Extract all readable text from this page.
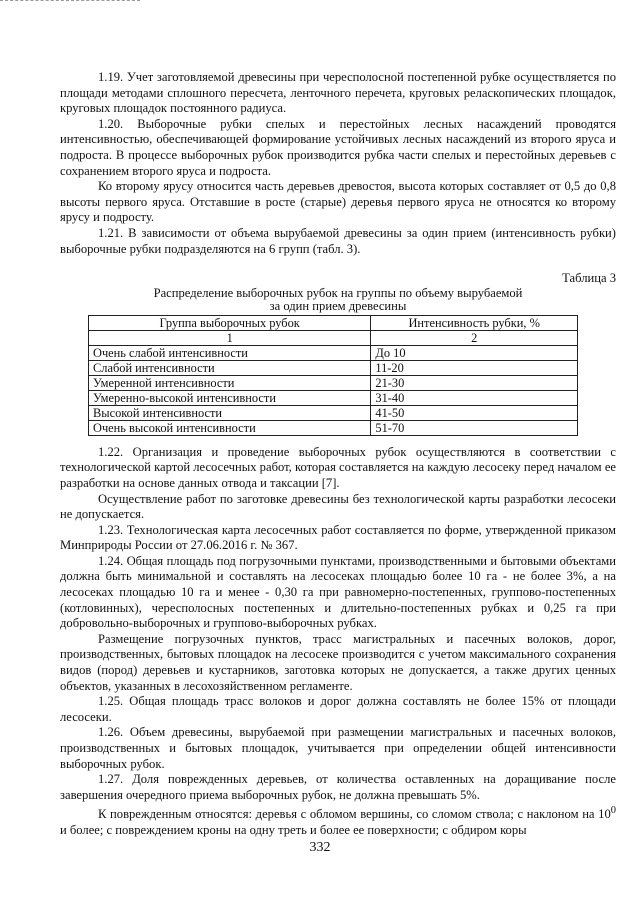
1.19. Учет заготовляемой древесины при чересполосной постепенной рубке осуществляется по площади методами сплошного пересчета, ленточного перечета, круговых реласкопических площадок, круговых площадок постоянного радиуса.

1.20. Выборочные рубки спелых и перестойных лесных насаждений проводятся интенсивностью, обеспечивающей формирование устойчивых лесных насаждений из второго яруса и подроста. В процессе выборочных рубок производится рубка части спелых и перестойных деревьев с сохранением второго яруса и подроста.

Ко второму ярусу относится часть деревьев древостоя, высота которых составляет от 0,5 до 0,8 высоты первого яруса. Отставшие в росте (старые) деревья первого яруса не относятся ко второму ярусу и подросту.

1.21. В зависимости от объема вырубаемой древесины за один прием (интенсивность рубки) выборочные рубки подразделяются на 6 групп (табл. 3).

Таблица 3

Распределение выборочных рубок на группы по объему вырубаемой за один прием древесины

Группа выборочных рубок	Интенсивность рубки, %
1	2
Очень слабой интенсивности	До 10
Слабой интенсивности	11-20
Умеренной интенсивности	21-30
Умеренно-высокой интенсивности	31-40
Высокой интенсивности	41-50
Очень высокой интенсивности	51-70

1.22. Организация и проведение выборочных рубок осуществляются в соответствии с технологической картой лесосечных работ, которая составляется на каждую лесосеку перед началом ее разработки на основе данных отвода и таксации [7].

Осуществление работ по заготовке древесины без технологической карты разработки лесосеки не допускается.

1.23. Технологическая карта лесосечных работ составляется по форме, утвержденной приказом Минприроды России от 27.06.2016 г. № 367.

1.24. Общая площадь под погрузочными пунктами, производственными и бытовыми объектами должна быть минимальной и составлять на лесосеках площадью более 10 га - не более 3%, а на лесосеках площадью 10 га и менее - 0,30 га при равномерно-постепенных, группово-постепенных (котловинных), чересполосных постепенных и длительно-постепенных рубках и 0,25 га при добровольно-выборочных и группово-выборочных рубках.

Размещение погрузочных пунктов, трасс магистральных и пасечных волоков, дорог, производственных, бытовых площадок на лесосеке производится с учетом максимального сохранения видов (пород) деревьев и кустарников, заготовка которых не допускается, а также других ценных объектов, указанных в лесохозяйственном регламенте.

1.25. Общая площадь трасс волоков и дорог должна составлять не более 15% от площади лесосеки.

1.26. Объем древесины, вырубаемой при размещении магистральных и пасечных волоков, производственных и бытовых площадок, учитывается при определении общей интенсивности выборочных рубок.

1.27. Доля поврежденных деревьев, от количества оставленных на доращивание после завершения очередного приема выборочных рубок, не должна превышать 5%.

К поврежденным относятся: деревья с обломом вершины, со сломом ствола; с наклоном на $10^0$ и более; с повреждением кроны на одну треть и более ее поверхности; с обдиром коры

332
